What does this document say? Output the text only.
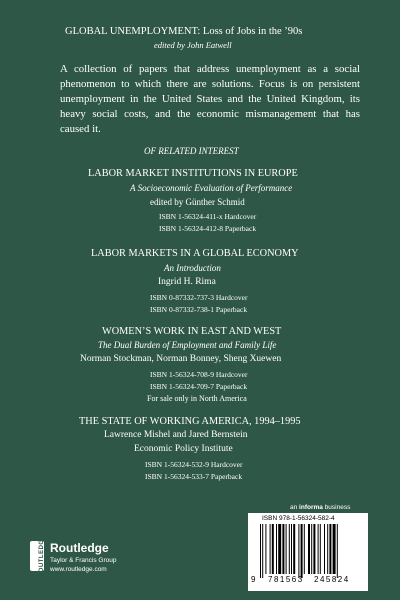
GLOBAL UNEMPLOYMENT: Loss of Jobs in the ’90s
edited by John Eatwell
A collection of papers that address unemployment as a social phenomenon to which there are solutions. Focus is on persistent unemployment in the United States and the United Kingdom, its heavy social costs, and the economic mismanagement that has caused it.
OF RELATED INTEREST
LABOR MARKET INSTITUTIONS IN EUROPE
A Socioeconomic Evaluation of Performance
edited by Günther Schmid
ISBN 1-56324-411-x Hardcover
ISBN 1-56324-412-8 Paperback
LABOR MARKETS IN A GLOBAL ECONOMY
An Introduction
Ingrid H. Rima
ISBN 0-87332-737-3 Hardcover
ISBN 0-87332-738-1 Paperback
WOMEN’S WORK IN EAST AND WEST
The Dual Burden of Employment and Family Life
Norman Stockman, Norman Bonney, Sheng Xuewen
ISBN 1-56324-708-9 Hardcover
ISBN 1-56324-709-7 Paperback
For sale only in North America
THE STATE OF WORKING AMERICA, 1994–1995
Lawrence Mishel and Jared Bernstein
Economic Policy Institute
ISBN 1-56324-532-9 Hardcover
ISBN 1-56324-533-7 Paperback
an informa business
ROUTLEDGE Routledge
Taylor & Francis Group
www.routledge.com
ISBN 978-1-56324-582-4
9 781563 245824
